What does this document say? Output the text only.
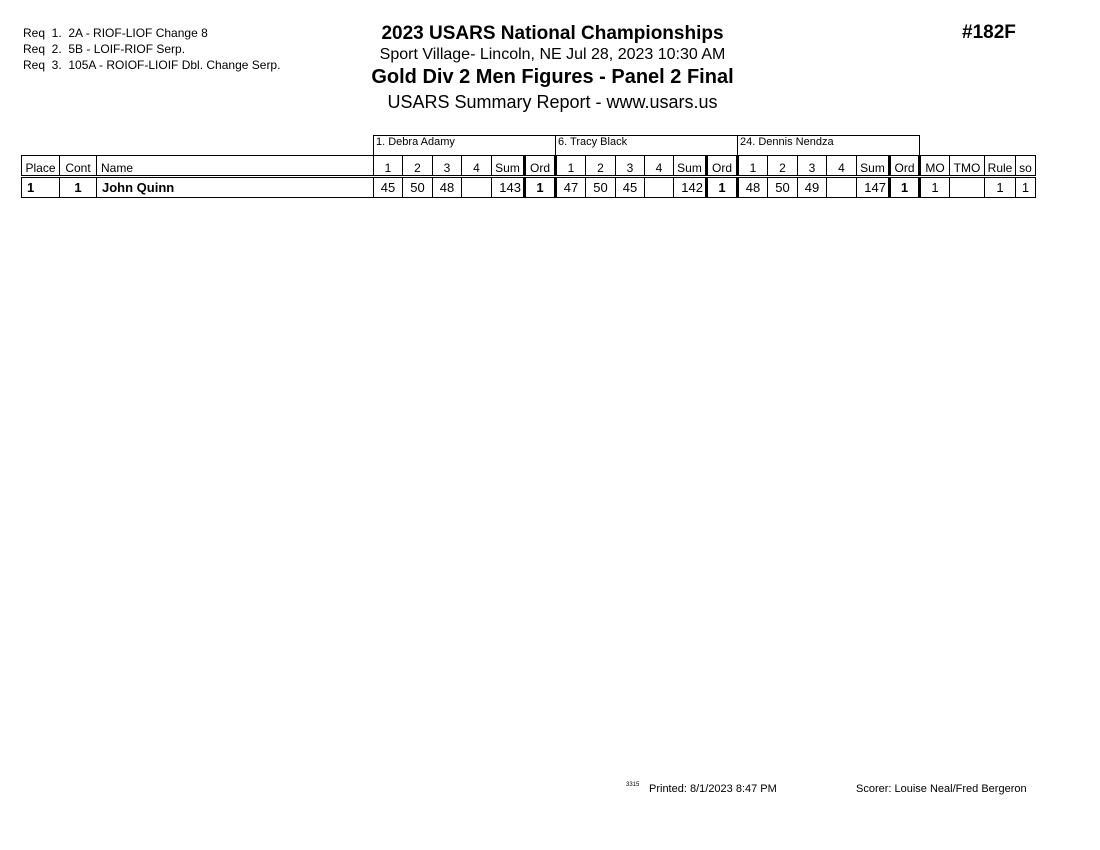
Req  1.  2A - RIOF-LIOF Change 8
Req  2.  5B - LOIF-RIOF Serp.
Req  3.  105A - ROIOF-LIOIF Dbl. Change Serp.
2023 USARS National Championships
Sport Village- Lincoln, NE Jul 28, 2023 10:30 AM
Gold Div 2 Men Figures - Panel 2 Final
USARS Summary Report - www.usars.us
#182F
			1. Debra Adamy						6. Tracy Black						24. Dennis Nendza									
Place	Cont	Name	1	2	3	4	Sum	Ord	1	2	3	4	Sum	Ord	1	2	3	4	Sum	Ord	MO	TMO	Rule	so
1	1	John Quinn	45	50	48		143	1	47	50	45		142	1	48	50	49		147	1	1		1	1
3315 Printed: 8/1/2023 8:47 PM	Scorer: Louise Neal/Fred Bergeron
